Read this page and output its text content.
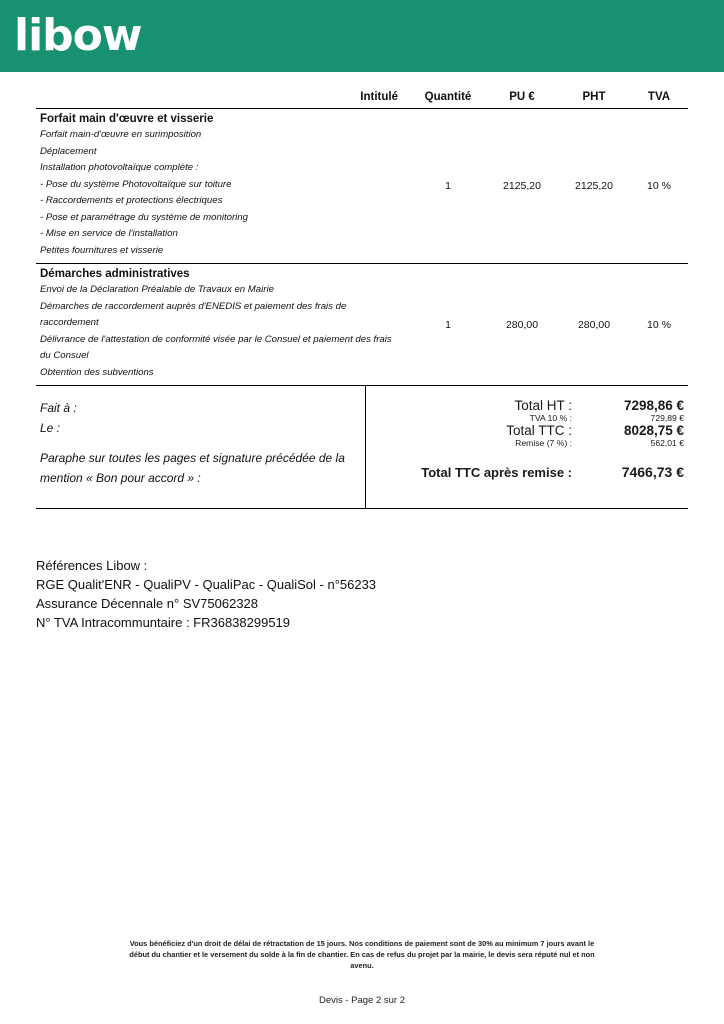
libow
Intitulé	Quantité	PU €	PHT	TVA

Forfait main d'œuvre et visserie
Forfait main-d'œuvre en surimposition
Déplacement
Installation photovoltaïque complète :
- Pose du système Photovoltaïque sur toiture
- Raccordements et protections électriques
- Pose et paramétrage du système de monitoring
- Mise en service de l'installation
Petites fournitures et visserie
	1	2125,20	2125,20	10 %

Démarches administratives
Envoi de la Déclaration Préalable de Travaux en Mairie
Démarches de raccordement auprès d'ENEDIS et paiement des frais de raccordement
Délivrance de l'attestation de conformité visée par le Consuel et paiement des frais du Consuel
Obtention des subventions	1	280,00	280,00	10 %
Fait à :
Le :
Paraphe sur toutes les pages et signature précédée de la mention « Bon pour accord » :
Total HT :	7298,86 €
TVA 10 % :	729,89 €
Total TTC :	8028,75 €
Remise (7 %) :	562,01 €
Total TTC après remise :	7466,73 €
Références Libow :
RGE Qualit'ENR - QualiPV - QualiPac - QualiSol - n°56233
Assurance Décennale n° SV75062328
N° TVA Intracommuntaire : FR36838299519
Vous bénéficiez d'un droit de délai de rétractation de 15 jours. Nos conditions de paiement sont de 30% au minimum 7 jours avant le début du chantier et le versement du solde à la fin de chantier. En cas de refus du projet par la mairie, le devis sera réputé nul et non avenu.
Devis - Page 2 sur 2
